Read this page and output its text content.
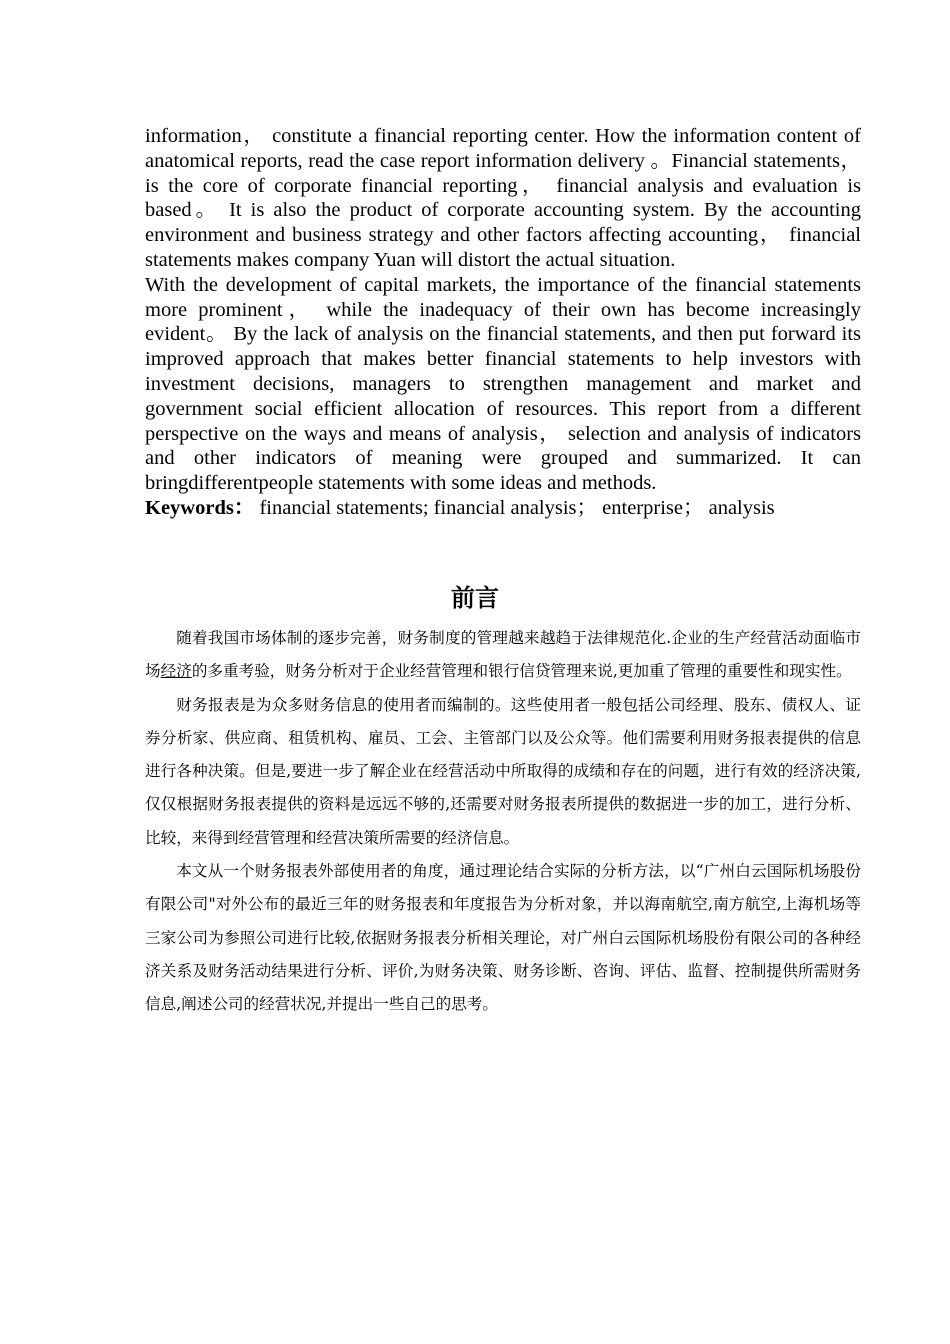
information， constitute a financial reporting center. How the information content of anatomical reports, read the case report information delivery 。Financial statements， is the core of corporate financial reporting， financial analysis and evaluation is based。 It is also the product of corporate accounting system. By the accounting environment and business strategy and other factors affecting accounting， financial statements makes company Yuan will distort the actual situation.

With the development of capital markets, the importance of the financial statements more prominent， while the inadequacy of their own has become increasingly evident。 By the lack of analysis on the financial statements, and then put forward its improved approach that makes better financial statements to help investors with investment decisions, managers to strengthen management and market and government social efficient allocation of resources. This report from a different perspective on the ways and means of analysis， selection and analysis of indicators and other indicators of meaning were grouped and summarized. It can bringdifferentpeople statements with some ideas and methods.

Keywords： financial statements; financial analysis； enterprise； analysis

前言

随着我国市场体制的逐步完善，财务制度的管理越来越趋于法律规范化.企业的生产经营活动面临市场经济的多重考验，财务分析对于企业经营管理和银行信贷管理来说,更加重了管理的重要性和现实性。

财务报表是为众多财务信息的使用者而编制的。这些使用者一般包括公司经理、股东、债权人、证券分析家、供应商、租赁机构、雇员、工会、主管部门以及公众等。他们需要利用财务报表提供的信息进行各种决策。但是,要进一步了解企业在经营活动中所取得的成绩和存在的问题，进行有效的经济决策,仅仅根据财务报表提供的资料是远远不够的,还需要对财务报表所提供的数据进一步的加工，进行分析、比较，来得到经营管理和经营决策所需要的经济信息。

本文从一个财务报表外部使用者的角度，通过理论结合实际的分析方法，以“广州白云国际机场股份有限公司"对外公布的最近三年的财务报表和年度报告为分析对象，并以海南航空,南方航空,上海机场等三家公司为参照公司进行比较,依据财务报表分析相关理论，对广州白云国际机场股份有限公司的各种经济关系及财务活动结果进行分析、评价,为财务决策、财务诊断、咨询、评估、监督、控制提供所需财务信息,阐述公司的经营状况,并提出一些自己的思考。
